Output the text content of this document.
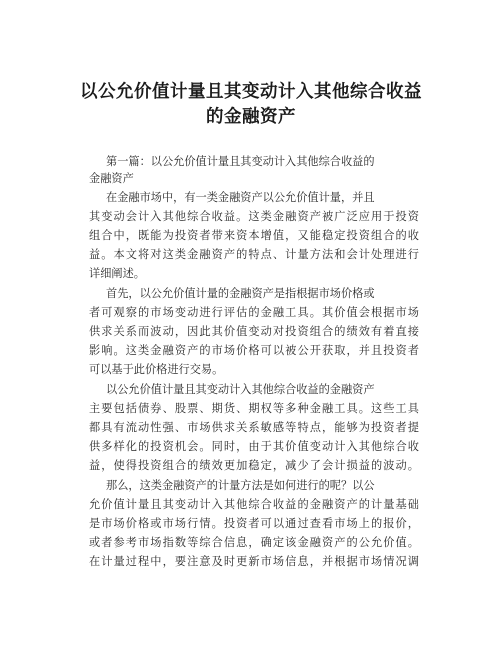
以公允价值计量且其变动计入其他综合收益
的金融资产
第一篇：以公允价值计量且其变动计入其他综合收益的
金融资产
在金融市场中，有一类金融资产以公允价值计量，并且
其变动会计入其他综合收益。这类金融资产被广泛应用于投资
组合中，既能为投资者带来资本增值，又能稳定投资组合的收
益。本文将对这类金融资产的特点、计量方法和会计处理进行
详细阐述。
首先，以公允价值计量的金融资产是指根据市场价格或
者可观察的市场变动进行评估的金融工具。其价值会根据市场
供求关系而波动，因此其价值变动对投资组合的绩效有着直接
影响。这类金融资产的市场价格可以被公开获取，并且投资者
可以基于此价格进行交易。
以公允价值计量且其变动计入其他综合收益的金融资产
主要包括债券、股票、期货、期权等多种金融工具。这些工具
都具有流动性强、市场供求关系敏感等特点，能够为投资者提
供多样化的投资机会。同时，由于其价值变动计入其他综合收
益，使得投资组合的绩效更加稳定，减少了会计损益的波动。
那么，这类金融资产的计量方法是如何进行的呢？以公
允价值计量且其变动计入其他综合收益的金融资产的计量基础
是市场价格或市场行情。投资者可以通过查看市场上的报价，
或者参考市场指数等综合信息，确定该金融资产的公允价值。
在计量过程中，要注意及时更新市场信息，并根据市场情况调
